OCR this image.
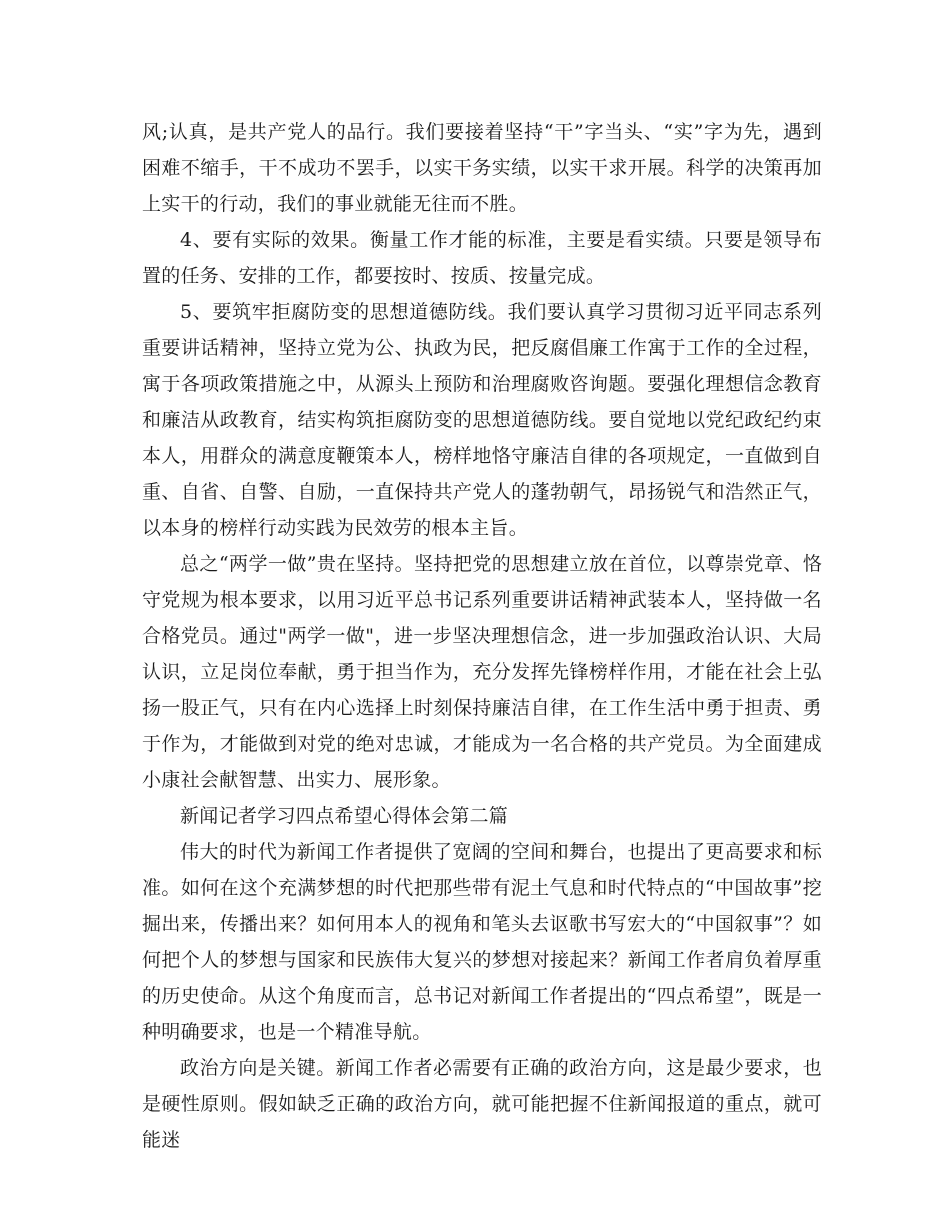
风;认真，是共产党人的品行。我们要接着坚持“干”字当头、“实”字为先，遇到困难不缩手，干不成功不罢手，以实干务实绩，以实干求开展。科学的决策再加上实干的行动，我们的事业就能无往而不胜。

4、要有实际的效果。衡量工作才能的标准，主要是看实绩。只要是领导布置的任务、安排的工作，都要按时、按质、按量完成。

5、要筑牢拒腐防变的思想道德防线。我们要认真学习贯彻习近平同志系列重要讲话精神，坚持立党为公、执政为民，把反腐倡廉工作寓于工作的全过程，寓于各项政策措施之中，从源头上预防和治理腐败咨询题。要强化理想信念教育和廉洁从政教育，结实构筑拒腐防变的思想道德防线。要自觉地以党纪政纪约束本人，用群众的满意度鞭策本人，榜样地恪守廉洁自律的各项规定，一直做到自重、自省、自警、自励，一直保持共产党人的蓬勃朝气，昂扬锐气和浩然正气，以本身的榜样行动实践为民效劳的根本主旨。

总之“两学一做”贵在坚持。坚持把党的思想建立放在首位，以尊崇党章、恪守党规为根本要求，以用习近平总书记系列重要讲话精神武装本人，坚持做一名合格党员。通过"两学一做"，进一步坚决理想信念，进一步加强政治认识、大局认识，立足岗位奉献，勇于担当作为，充分发挥先锋榜样作用，才能在社会上弘扬一股正气，只有在内心选择上时刻保持廉洁自律，在工作生活中勇于担责、勇于作为，才能做到对党的绝对忠诚，才能成为一名合格的共产党员。为全面建成小康社会献智慧、出实力、展形象。

新闻记者学习四点希望心得体会第二篇

伟大的时代为新闻工作者提供了宽阔的空间和舞台，也提出了更高要求和标准。如何在这个充满梦想的时代把那些带有泥土气息和时代特点的“中国故事”挖掘出来，传播出来？如何用本人的视角和笔头去讴歌书写宏大的“中国叙事”？如何把个人的梦想与国家和民族伟大复兴的梦想对接起来？新闻工作者肩负着厚重的历史使命。从这个角度而言，总书记对新闻工作者提出的“四点希望”，既是一种明确要求，也是一个精准导航。

政治方向是关键。新闻工作者必需要有正确的政治方向，这是最少要求，也是硬性原则。假如缺乏正确的政治方向，就可能把握不住新闻报道的重点，就可能迷
